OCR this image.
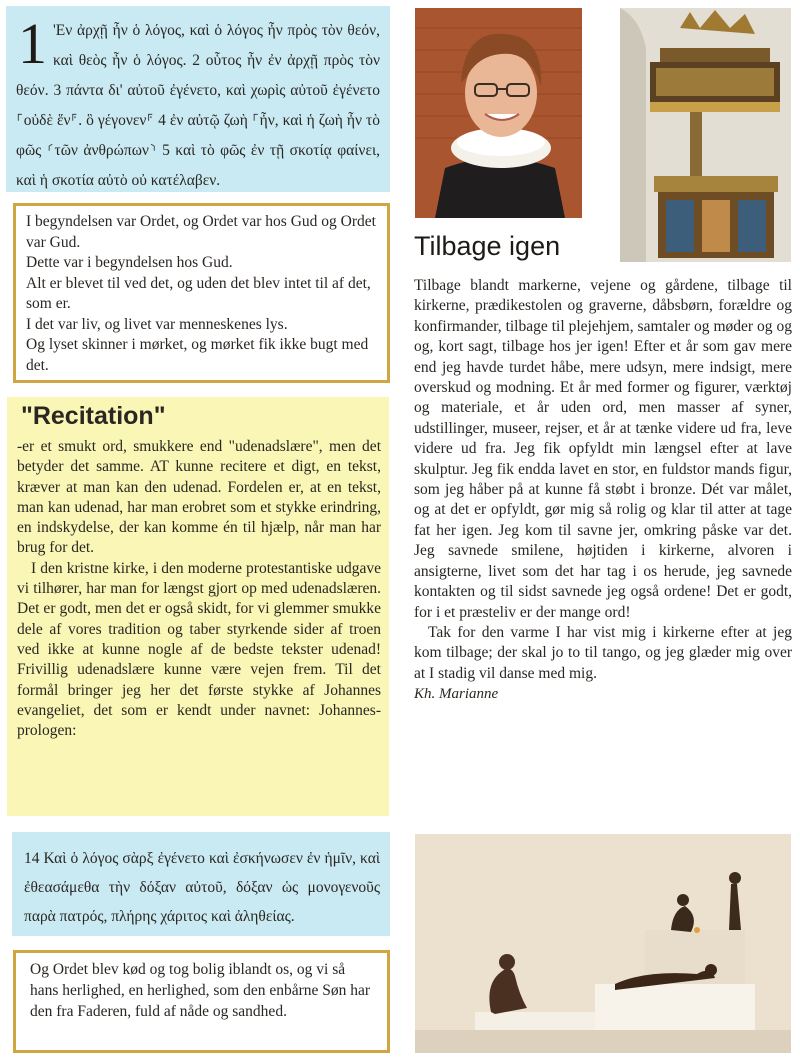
1 'Εν ἀρχῇ ἦν ὁ λόγος, καὶ ὁ λόγος ἦν πρὸς τὸν θεόν, καὶ θεὸς ἦν ὁ λόγος. 2 οὗτος ἦν ἐν ἀρχῇ πρὸς τὸν θεόν. 3 πάντα δι' αὐτοῦ ἐγένετο, καὶ χωρὶς αὐτοῦ ἐγένετο ⸀οὐδὲ ἕν⸁. ὃ γέγονεν⸁ 4 ἐν αὐτῷ ζωὴ ⸀ἦν, καὶ ἡ ζωὴ ἦν τὸ φῶς ⸂τῶν ἀνθρώπων⸃ 5 καὶ τὸ φῶς ἐν τῇ σκοτίᾳ φαίνει, καὶ ἡ σκοτία αὐτὸ οὐ κατέλαβεν.

I begyndelsen var Ordet, og Ordet var hos Gud og Ordet var Gud.

Dette var i begyndelsen hos Gud.

Alt er blevet til ved det, og uden det blev intet til af det, som er.

I det var liv, og livet var menneskenes lys.

Og lyset skinner i mørket, og mørket fik ikke bugt med det.

"Recitation"

-er et smukt ord, smukkere end "udenadslære", men det betyder det samme. AT kunne recitere et digt, en tekst, kræver at man kan den udenad. Fordelen er, at en tekst, man kan udenad, har man erobret som et stykke erindring, en indskydelse, der kan komme én til hjælp, når man har brug for det.

I den kristne kirke, i den moderne protestantiske udgave vi tilhører, har man for længst gjort op med udenadslæren. Det er godt, men det er også skidt, for vi glemmer smukke dele af vores tradition og taber styrkende sider af troen ved ikke at kunne nogle af de bedste tekster udenad! Frivillig udenadslære kunne være vejen frem. Til det formål bringer jeg her det første stykke af Johannes evangeliet, det som er kendt under navnet: Johannes-prologen:

14 Καὶ ὁ λόγος σὰρξ ἐγένετο καὶ ἐσκήνωσεν ἐν ἡμῖν, καὶ ἐθεασάμεθα τὴν δόξαν αὐτοῦ, δόξαν ὡς μονογενοῦς παρὰ πατρός, πλήρης χάριτος καὶ ἀληθείας.

Og Ordet blev kød og tog bolig iblandt os, og vi så hans herlighed, en herlighed, som den enbårne Søn har den fra Faderen, fuld af nåde og sandhed.

Tilbage igen

Tilbage blandt markerne, vejene og gårdene, tilbage til kirkerne, prædikestolen og graverne, dåbsbørn, forældre og konfirmander, tilbage til plejehjem, samtaler og møder og og og, kort sagt, tilbage hos jer igen! Efter et år som gav mere end jeg havde turdet håbe, mere udsyn, mere indsigt, mere overskud og modning. Et år med former og figurer, værktøj og materiale, et år uden ord, men masser af syner, udstillinger, museer, rejser, et år at tænke videre ud fra, leve videre ud fra. Jeg fik opfyldt min længsel efter at lave skulptur. Jeg fik endda lavet en stor, en fuldstor mands figur, som jeg håber på at kunne få støbt i bronze. Dét var målet, og at det er opfyldt, gør mig så rolig og klar til atter at tage fat her igen. Jeg kom til savne jer, omkring påske var det. Jeg savnede smilene, højtiden i kirkerne, alvoren i ansigterne, livet som det har tag i os herude, jeg savnede kontakten og til sidst savnede jeg også ordene! Det er godt, for i et præsteliv er der mange ord!

Tak for den varme I har vist mig i kirkerne efter at jeg kom tilbage; der skal jo to til tango, og jeg glæder mig over at I stadig vil danse med mig.

Kh. Marianne
